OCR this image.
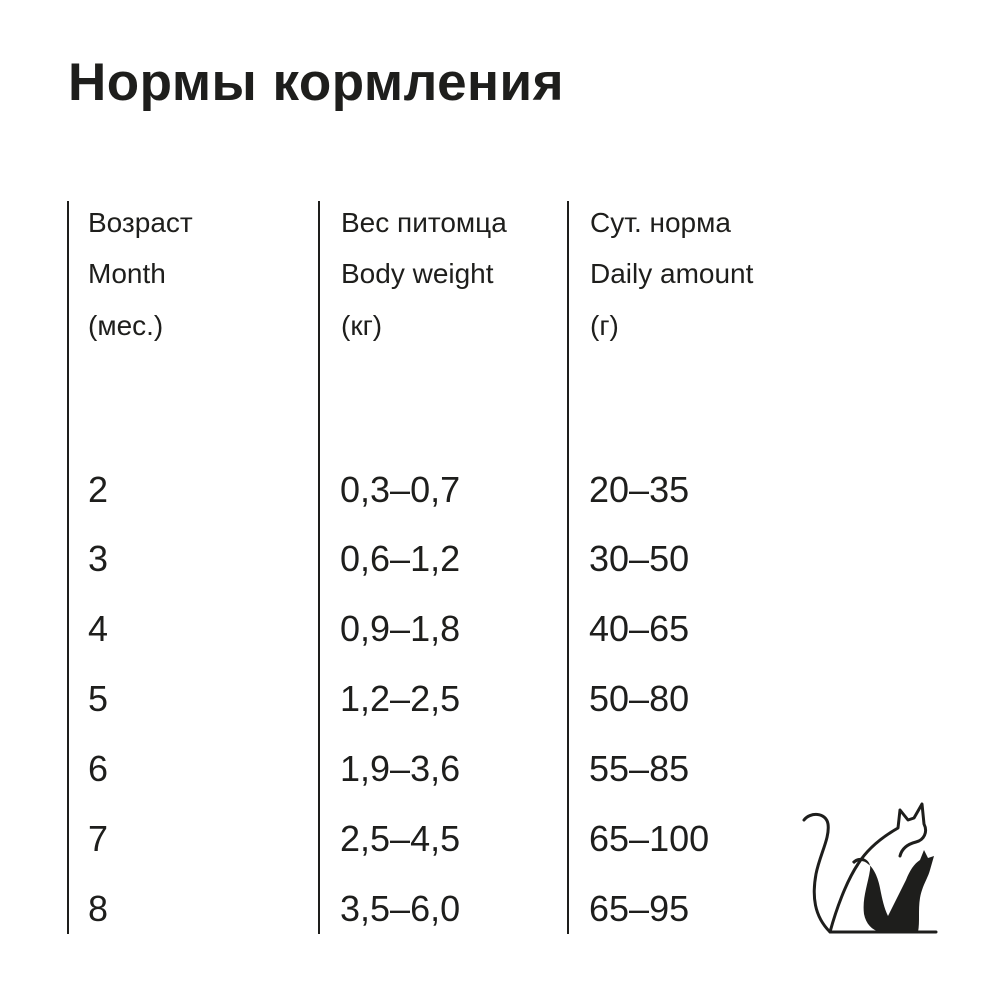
Нормы кормления
Возраст
Month
(мес.)
2
3
4
5
6
7
8
Вес питомца
Body weight
(кг)
0,3–0,7
0,6–1,2
0,9–1,8
1,2–2,5
1,9–3,6
2,5–4,5
3,5–6,0
Сут. норма
Daily amount
(г)
20–35
30–50
40–65
50–80
55–85
65–100
65–95
